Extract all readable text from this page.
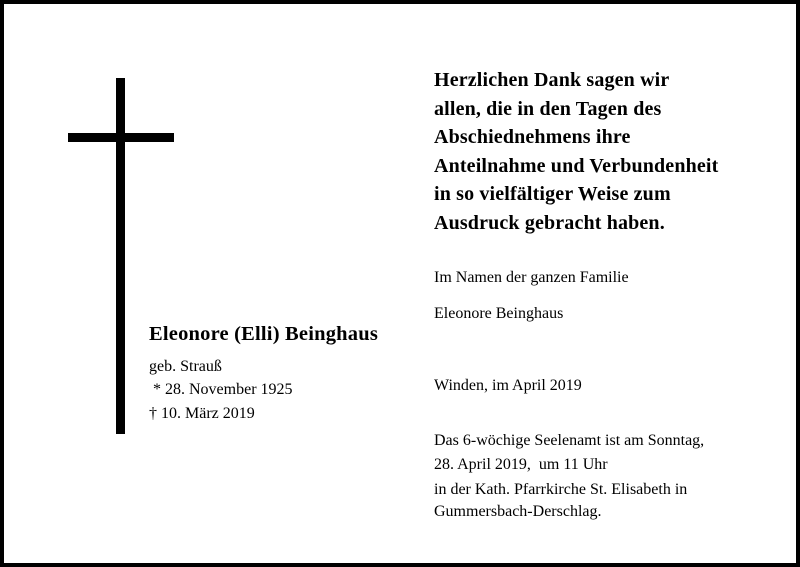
Eleonore (Elli) Beinghaus
geb. Strauß
* 28. November 1925
† 10. März 2019
Herzlichen Dank sagen wir
allen, die in den Tagen des
Abschiednehmens ihre
Anteilnahme und Verbundenheit
in so vielfältiger Weise zum
Ausdruck gebracht haben.
Im Namen der ganzen Familie
Eleonore Beinghaus
Winden, im April 2019
Das 6-wöchige Seelenamt ist am Sonntag,
28. April 2019,  um 11 Uhr
in der Kath. Pfarrkirche St. Elisabeth in
Gummersbach-Derschlag.
